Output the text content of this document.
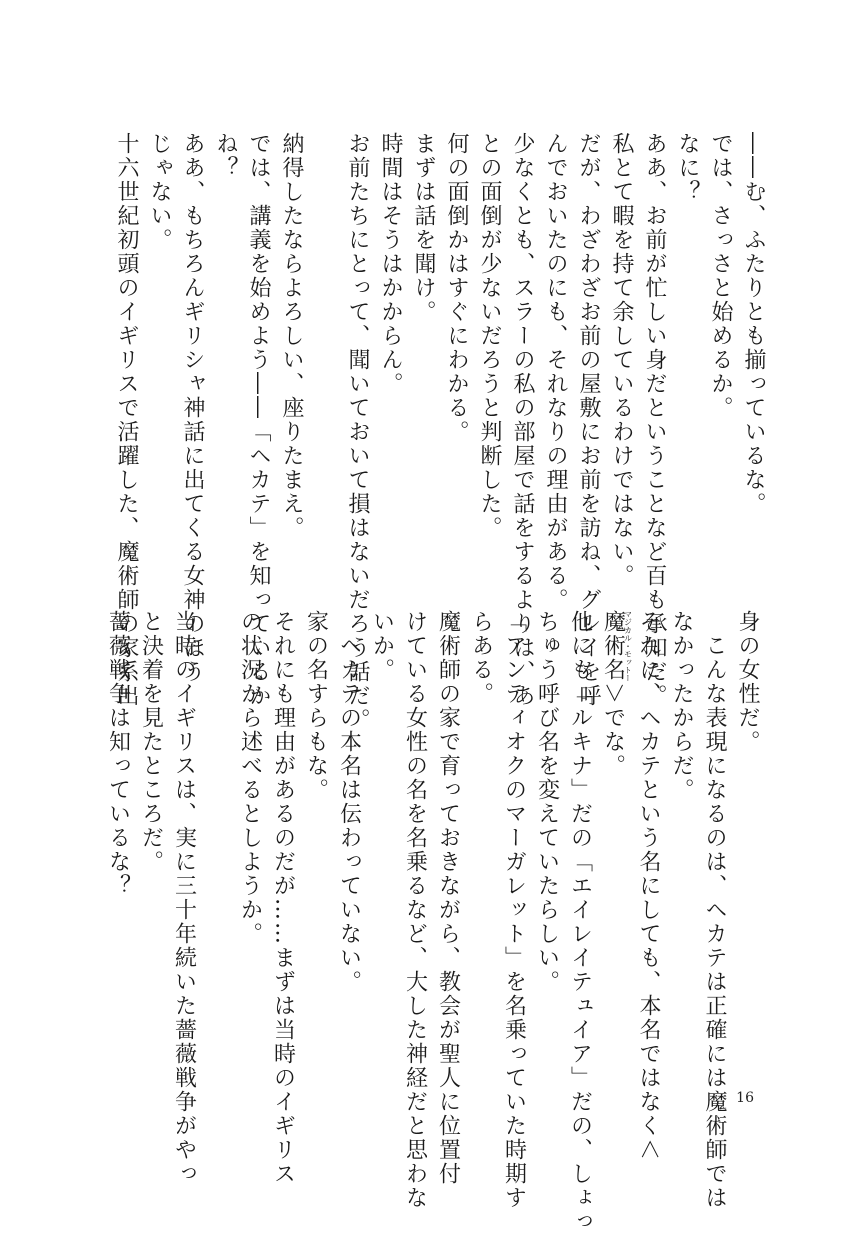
――む、ふたりとも揃っているな。
では、さっさと始めるか。
なに？
ああ、お前が忙しい身だということなど百も承知だ。
私とて暇を持て余しているわけではない。
だが、わざわざお前の屋敷にお前を訪ね、グレイを呼
んでおいたのにも、それなりの理由がある。
少なくとも、スラーの私の部屋で話をするよりは、あ
との面倒が少ないだろうと判断した。
何の面倒かはすぐにわかる。
まずは話を聞け。
時間はそうはかからん。
お前たちにとって、聞いておいて損はないだろう話だ。
納得したならよろしい、座りたまえ。
では、講義を始めよう――「ヘカテ」を知っているか
ね？
ああ、もちろんギリシャ神話に出てくる女神のほう
じゃない。
十六世紀初頭のイギリスで活躍した、魔術師の家系出	身の女性だ。
　こんな表現になるのは、ヘカテは正確には魔術師では
なかったからだ。
それに、ヘカテという名にしても、本名ではなく＜
魔術名マジカル・モットー＞でな。
他にも「ルキナ」だの「エイレイテュイア」だの、しょっ
ちゅう呼び名を変えていたらしい。
「アンティオクのマーガレット」を名乗っていた時期す
らある。
魔術師の家で育っておきながら、教会が聖人に位置付
けている女性の名を名乗るなど、大した神経だと思わな
いか。
　ヘカテの本名は伝わっていない。
家の名すらもな。
それにも理由があるのだが……まずは当時のイギリス
の状況から述べるとしようか。
当時のイギリスは、実に三十年続いた薔薇戦争がやっ
と決着を見たところだ。
薔薇戦争は知っているな？
16
